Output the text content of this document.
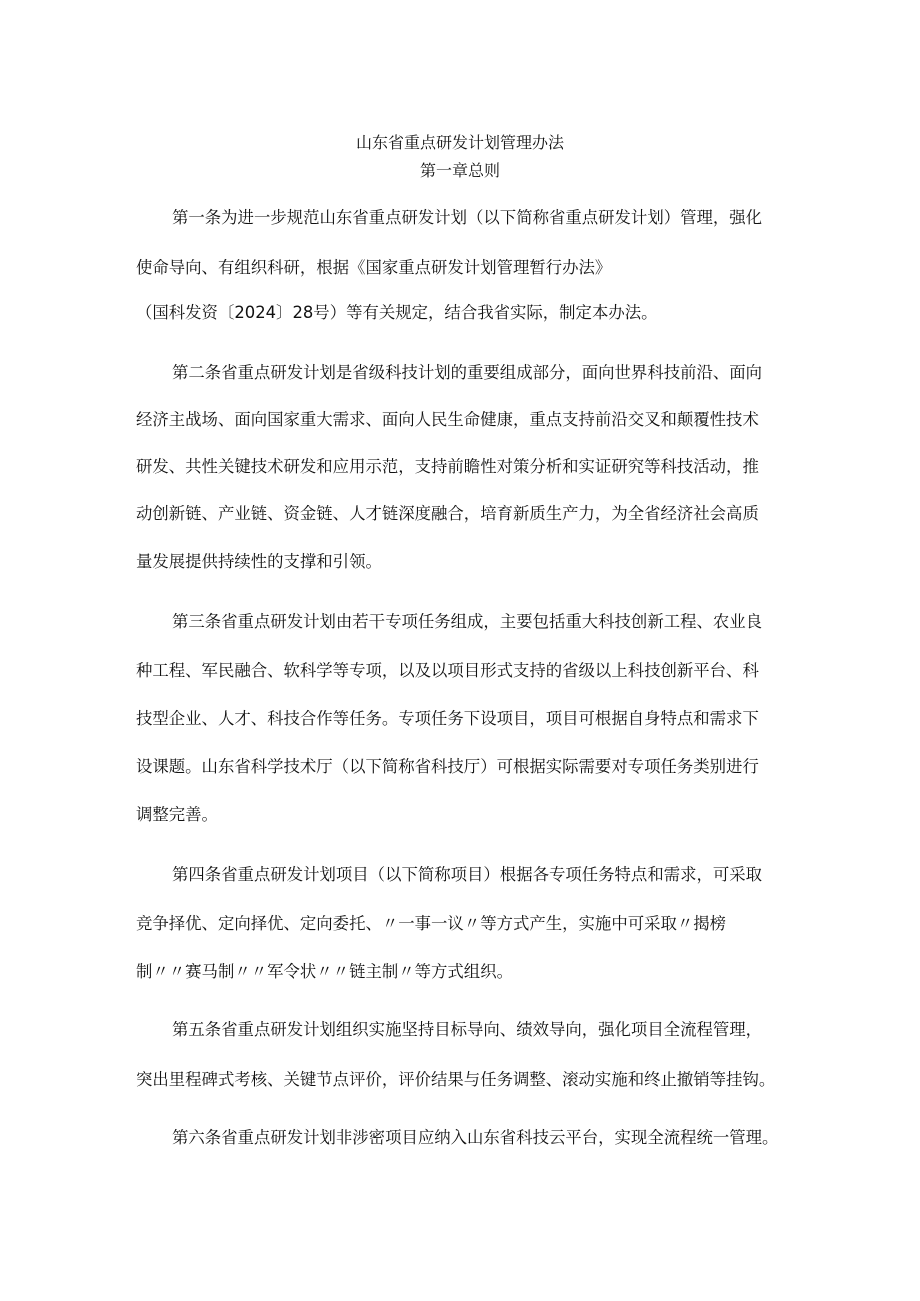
山东省重点研发计划管理办法
第一章总则
第一条为进一步规范山东省重点研发计划（以下简称省重点研发计划）管理，强化
使命导向、有组织科研，根据《国家重点研发计划管理暂行办法》
（国科发资〔2024〕28号）等有关规定，结合我省实际，制定本办法。
第二条省重点研发计划是省级科技计划的重要组成部分，面向世界科技前沿、面向
经济主战场、面向国家重大需求、面向人民生命健康，重点支持前沿交叉和颠覆性技术
研发、共性关键技术研发和应用示范，支持前瞻性对策分析和实证研究等科技活动，推
动创新链、产业链、资金链、人才链深度融合，培育新质生产力，为全省经济社会高质
量发展提供持续性的支撑和引领。
第三条省重点研发计划由若干专项任务组成，主要包括重大科技创新工程、农业良
种工程、军民融合、软科学等专项，以及以项目形式支持的省级以上科技创新平台、科
技型企业、人才、科技合作等任务。专项任务下设项目，项目可根据自身特点和需求下
设课题。山东省科学技术厅（以下简称省科技厅）可根据实际需要对专项任务类别进行
调整完善。
第四条省重点研发计划项目（以下简称项目）根据各专项任务特点和需求，可采取
竞争择优、定向择优、定向委托、〃一事一议〃等方式产生，实施中可采取〃揭榜
制〃〃赛马制〃〃军令状〃〃链主制〃等方式组织。
第五条省重点研发计划组织实施坚持目标导向、绩效导向，强化项目全流程管理，
突出里程碑式考核、关键节点评价，评价结果与任务调整、滚动实施和终止撤销等挂钩。
第六条省重点研发计划非涉密项目应纳入山东省科技云平台，实现全流程统一管理。
